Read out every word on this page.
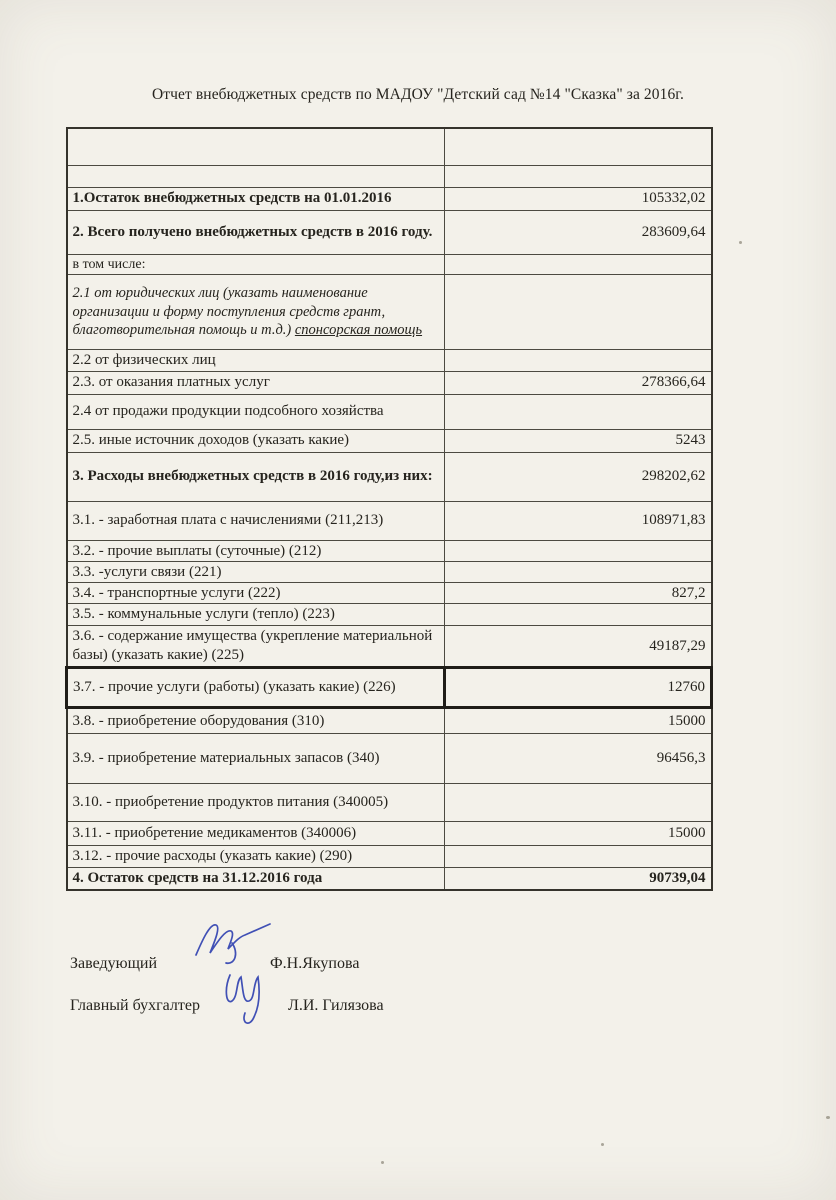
Отчет внебюджетных средств по МАДОУ "Детский сад №14 "Сказка" за 2016г.

1.Остаток внебюджетных средств на 01.01.2016	105332,02
2. Всего получено внебюджетных средств в 2016 году.	283609,64
в том числе:	
2.1 от юридических лиц (указать наименование организации и форму поступления средств грант, благотворительная помощь и т.д.) спонсорская помощь	
2.2 от физических лиц	
2.3. от оказания платных услуг	278366,64
2.4 от продажи продукции подсобного хозяйства	
2.5. иные источник доходов (указать какие)	5243
3. Расходы внебюджетных средств в 2016 году,из них:	298202,62
3.1. - заработная плата с начислениями (211,213)	108971,83
3.2. - прочие выплаты (суточные) (212)	
3.3. -услуги связи (221)	
3.4. - транспортные услуги (222)	827,2
3.5. - коммунальные услуги (тепло) (223)	
3.6. - содержание имущества (укрепление материальной базы) (указать какие) (225)	49187,29
3.7. - прочие услуги (работы) (указать какие) (226)	12760
3.8. - приобретение оборудования (310)	15000
3.9. - приобретение материальных запасов (340)	96456,3
3.10. - приобретение продуктов питания (340005)	
3.11. - приобретение медикаментов (340006)	15000
3.12. - прочие расходы (указать какие) (290)	
4. Остаток средств на 31.12.2016 года	90739,04
Заведующий	Ф.Н.Якупова
Главный бухгалтер	Л.И. Гилязова
